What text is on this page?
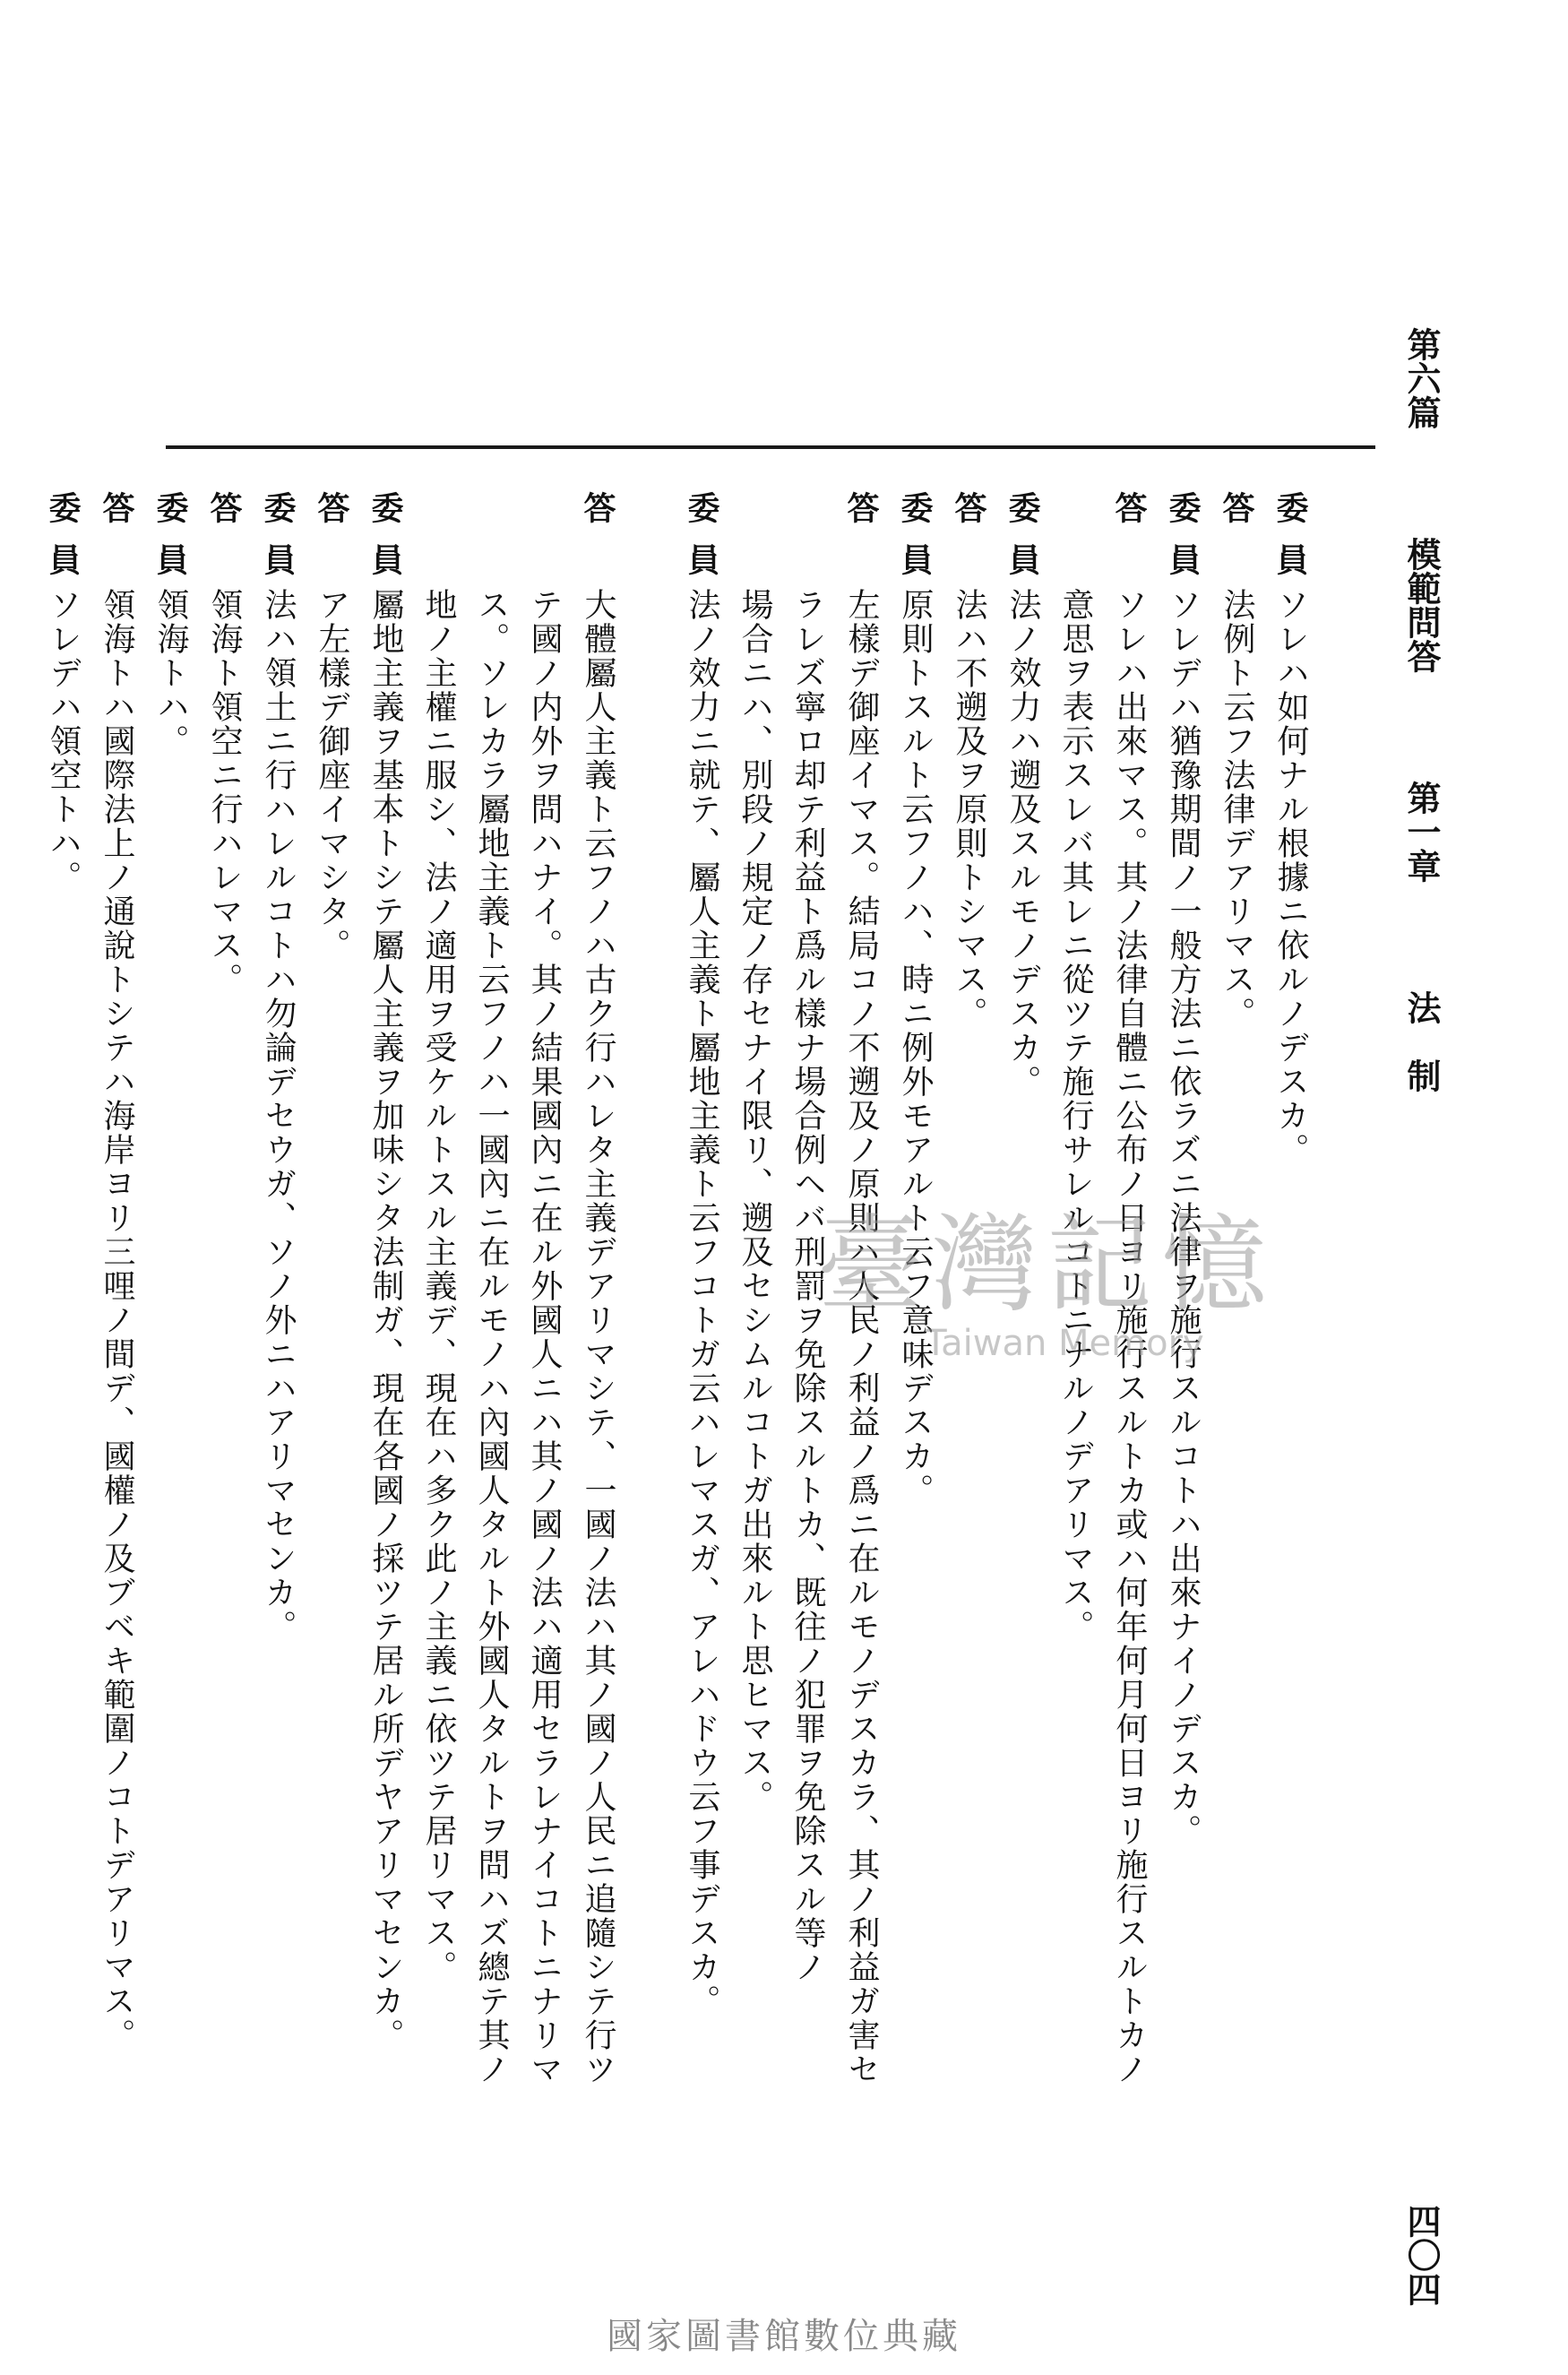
第六篇  模範問答  第一章  法　制  四〇四
委員ソレハ如何ナル根據ニ依ルノデスカ。
答法例ト云フ法律デアリマス。
委員ソレデハ猶豫期間ノ一般方法ニ依ラズニ法律ヲ施行スルコトハ出來ナイノデスカ。
答ソレハ出來マス。其ノ法律自體ニ公布ノ日ヨリ施行スルトカ或ハ何年何月何日ヨリ施行スルトカノ
意思ヲ表示スレバ其レニ從ツテ施行サレルコトニナルノデアリマス。
委員法ノ效力ハ遡及スルモノデスカ。
答法ハ不遡及ヲ原則トシマス。
委員原則トスルト云フノハ、時ニ例外モアルト云フ意味デスカ。
答左樣デ御座イマス。結局コノ不遡及ノ原則ハ人民ノ利益ノ爲ニ在ルモノデスカラ、其ノ利益ガ害セ
ラレズ寧ロ却テ利益ト爲ル樣ナ場合例ヘバ刑罰ヲ免除スルトカ、既往ノ犯罪ヲ免除スル等ノ
場合ニハ、別段ノ規定ノ存セナイ限リ、遡及セシムルコトガ出來ルト思ヒマス。
委員法ノ效力ニ就テ、屬人主義ト屬地主義ト云フコトガ云ハレマスガ、アレハドウ云フ事デスカ。
答大體屬人主義ト云フノハ古ク行ハレタ主義デアリマシテ、一國ノ法ハ其ノ國ノ人民ニ追隨シテ行ツ
テ國ノ内外ヲ問ハナイ。其ノ結果國內ニ在ル外國人ニハ其ノ國ノ法ハ適用セラレナイコトニナリマ
ス。ソレカラ屬地主義ト云フノハ一國內ニ在ルモノハ內國人タルト外國人タルトヲ問ハズ總テ其ノ
地ノ主權ニ服シ、法ノ適用ヲ受ケルトスル主義デ、現在ハ多ク此ノ主義ニ依ツテ居リマス。
委員屬地主義ヲ基本トシテ屬人主義ヲ加味シタ法制ガ、現在各國ノ採ツテ居ル所デヤアリマセンカ。
答ア左樣デ御座イマシタ。
委員法ハ領土ニ行ハレルコトハ勿論デセウガ、ソノ外ニハアリマセンカ。
答領海ト領空ニ行ハレマス。
委員領海トハ。
答領海トハ國際法上ノ通說トシテハ海岸ヨリ三哩ノ間デ、國權ノ及ブベキ範圍ノコトデアリマス。
委員ソレデハ領空トハ。
臺灣記憶
Taiwan Memory
國家圖書館數位典藏
